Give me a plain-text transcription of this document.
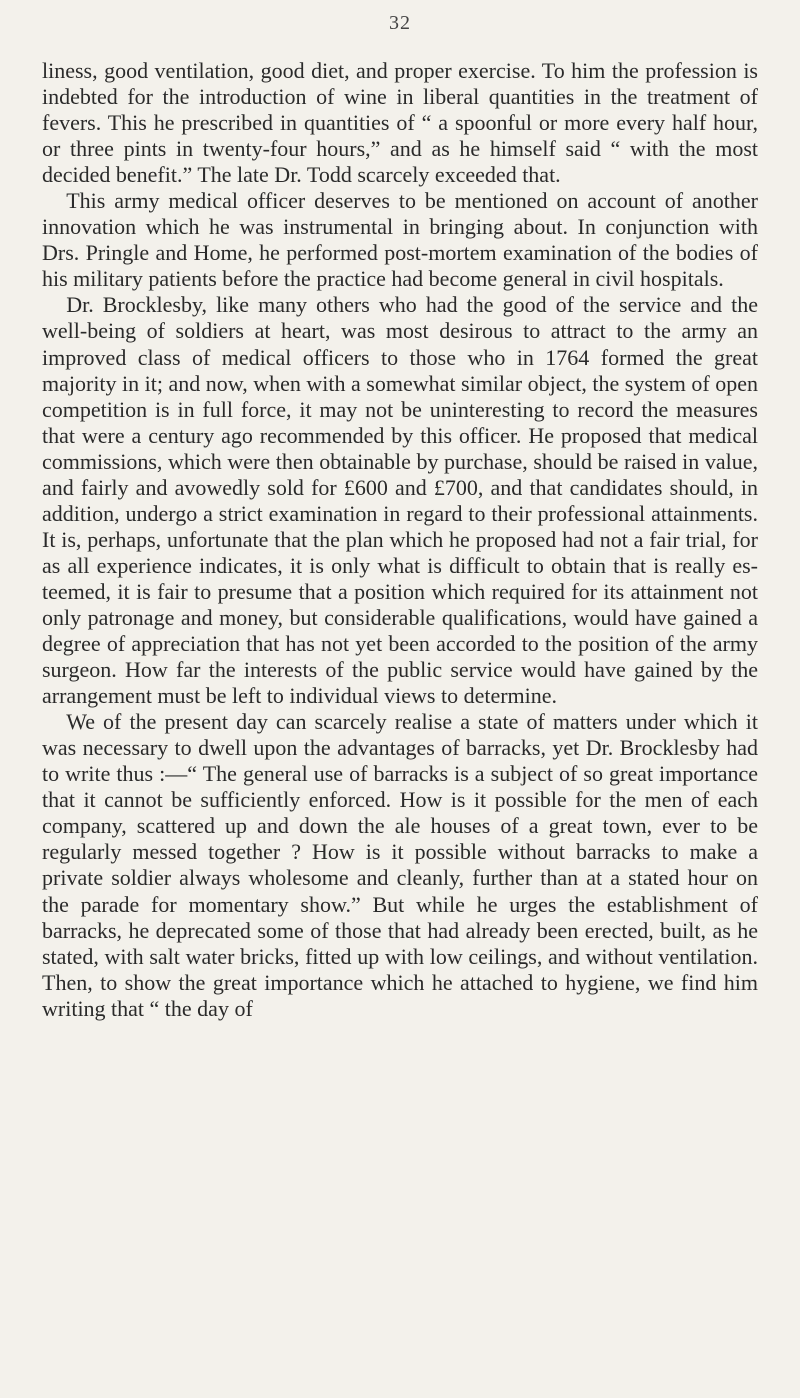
32

liness, good ventilation, good diet, and proper exercise. To him the profession is indebted for the introduction of wine in liberal quantities in the treatment of fevers. This he prescribed in quantities of “ a spoonful or more every half hour, or three pints in twenty-four hours,” and as he himself said “ with the most decided benefit.” The late Dr. Todd scarcely exceeded that.

This army medical officer deserves to be mentioned on account of another innovation which he was instrumental in bringing about. In conjunction with Drs. Pringle and Home, he performed post-mortem examination of the bodies of his military patients before the practice had become general in civil hospitals.

Dr. Brocklesby, like many others who had the good of the service and the well-being of soldiers at heart, was most desirous to attract to the army an improved class of medical officers to those who in 1764 formed the great majority in it; and now, when with a somewhat similar object, the system of open competition is in full force, it may not be uninteresting to record the measures that were a century ago recommended by this officer. He proposed that medical commissions, which were then obtainable by purchase, should be raised in value, and fairly and avowedly sold for £600 and £700, and that candidates should, in addition, undergo a strict examination in regard to their professional attainments. It is, perhaps, unfortunate that the plan which he proposed had not a fair trial, for as all experience indicates, it is only what is difficult to obtain that is really esteemed, it is fair to presume that a position which required for its attainment not only patronage and money, but considerable qualifications, would have gained a degree of appreciation that has not yet been accorded to the position of the army surgeon. How far the interests of the public service would have gained by the arrangement must be left to individual views to determine.

We of the present day can scarcely realise a state of matters under which it was necessary to dwell upon the advantages of barracks, yet Dr. Brocklesby had to write thus :—“ The general use of barracks is a subject of so great importance that it cannot be sufficiently enforced. How is it possible for the men of each company, scattered up and down the ale houses of a great town, ever to be regularly messed together ? How is it possible without barracks to make a private soldier always wholesome and cleanly, further than at a stated hour on the parade for momentary show.” But while he urges the establishment of barracks, he deprecated some of those that had already been erected, built, as he stated, with salt water bricks, fitted up with low ceilings, and without ventilation. Then, to show the great importance which he attached to hygiene, we find him writing that “ the day of
